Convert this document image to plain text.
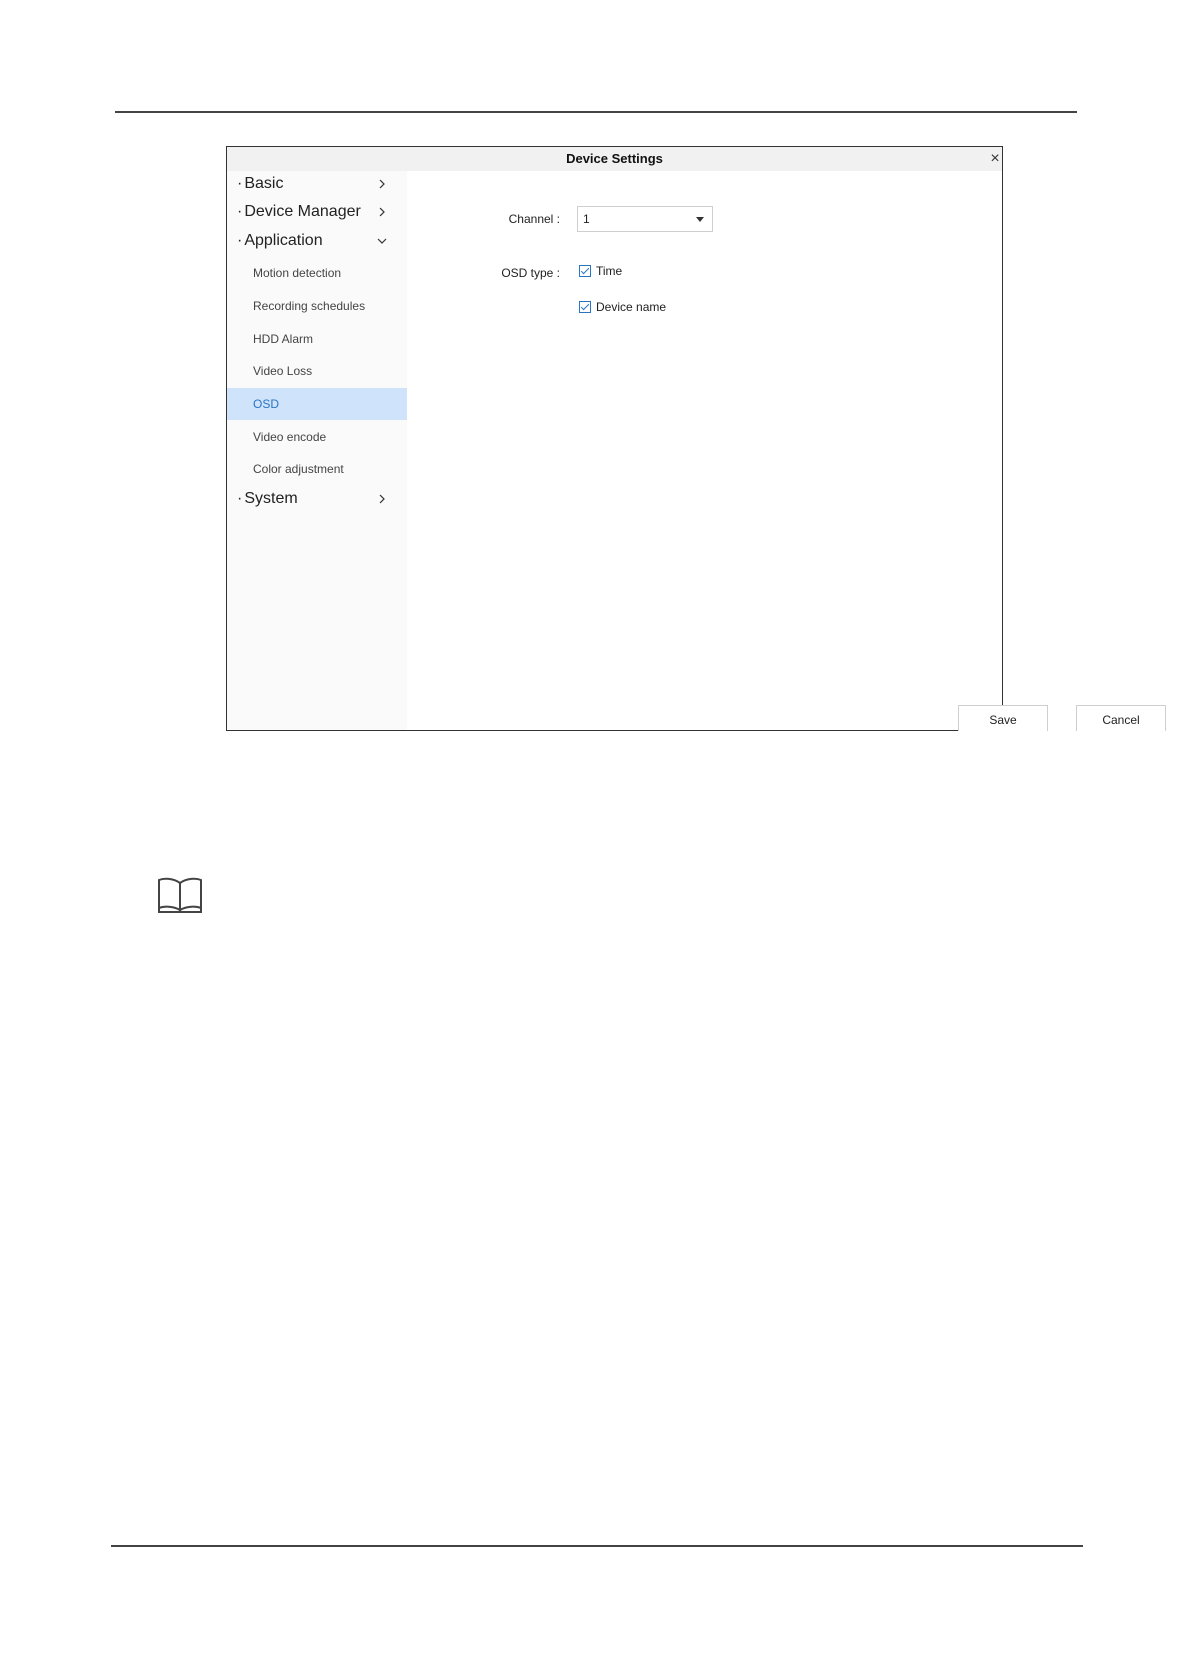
Device Settings	×
· Basic
· Device Manager
· Application
Motion detection
Recording schedules
HDD Alarm
Video Loss
OSD
Video encode
Color adjustment
· System
Channel :	1
OSD type :	Time
Device name
Save	Cancel
